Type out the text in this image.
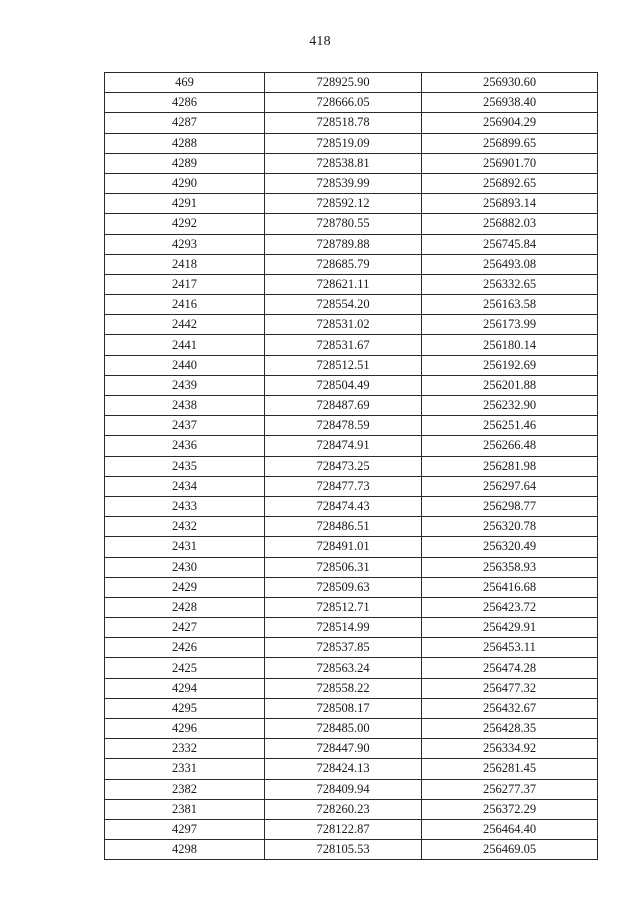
418
469	728925.90	256930.60
4286	728666.05	256938.40
4287	728518.78	256904.29
4288	728519.09	256899.65
4289	728538.81	256901.70
4290	728539.99	256892.65
4291	728592.12	256893.14
4292	728780.55	256882.03
4293	728789.88	256745.84
2418	728685.79	256493.08
2417	728621.11	256332.65
2416	728554.20	256163.58
2442	728531.02	256173.99
2441	728531.67	256180.14
2440	728512.51	256192.69
2439	728504.49	256201.88
2438	728487.69	256232.90
2437	728478.59	256251.46
2436	728474.91	256266.48
2435	728473.25	256281.98
2434	728477.73	256297.64
2433	728474.43	256298.77
2432	728486.51	256320.78
2431	728491.01	256320.49
2430	728506.31	256358.93
2429	728509.63	256416.68
2428	728512.71	256423.72
2427	728514.99	256429.91
2426	728537.85	256453.11
2425	728563.24	256474.28
4294	728558.22	256477.32
4295	728508.17	256432.67
4296	728485.00	256428.35
2332	728447.90	256334.92
2331	728424.13	256281.45
2382	728409.94	256277.37
2381	728260.23	256372.29
4297	728122.87	256464.40
4298	728105.53	256469.05
